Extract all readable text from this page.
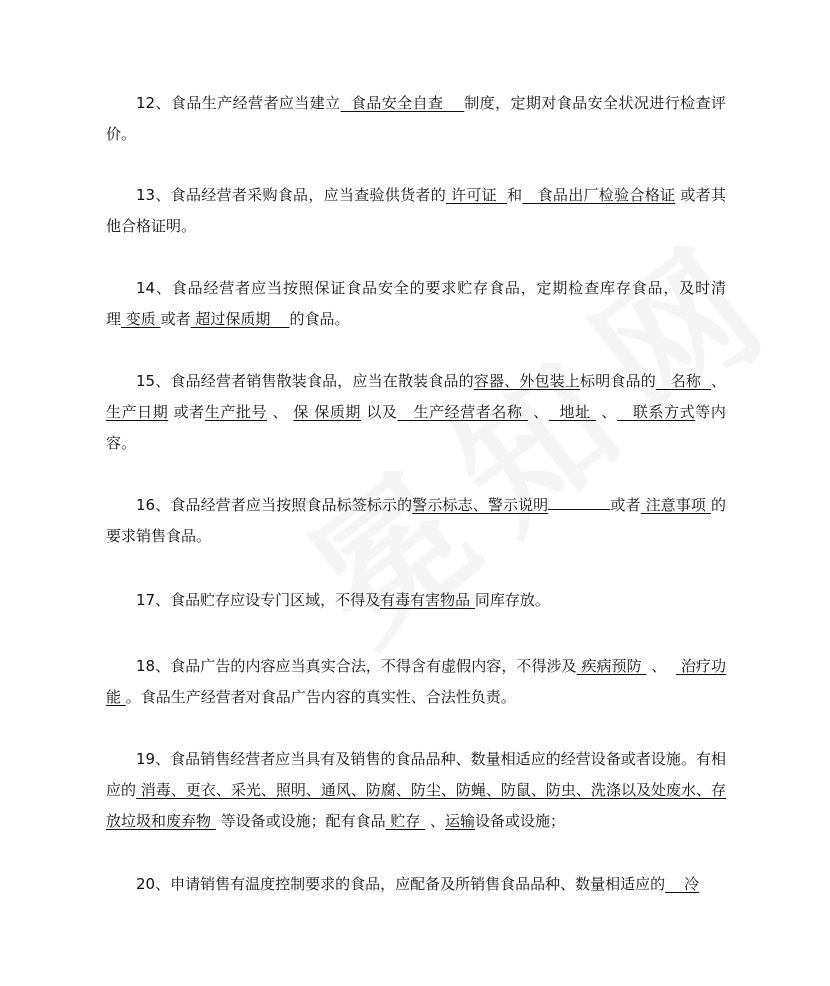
12、食品生产经营者应当建立 食品安全自查 制度，定期对食品安全状况进行检查评价。

13、食品经营者采购食品，应当查验供货者的 许可证 和 食品出厂检验合格证 或者其他合格证明。

14、食品经营者应当按照保证食品安全的要求贮存食品，定期检查库存食品，及时清理 变质 或者 超过保质期 的食品。

15、食品经营者销售散装食品，应当在散装食品的容器、外包装上标明食品的 名称 、生产日期 或者生产批号 、 保 保质期 以及 生产经营者名称 、 地址 、 联系方式等内容。

16、食品经营者应当按照食品标签标示的警示标志、警示说明	或者 注意事项 的要求销售食品。

17、食品贮存应设专门区域，不得及有毒有害物品 同库存放。

18、食品广告的内容应当真实合法，不得含有虚假内容，不得涉及 疾病预防 、 治疗功能 。食品生产经营者对食品广告内容的真实性、合法性负责。

19、食品销售经营者应当具有及销售的食品品种、数量相适应的经营设备或者设施。有相应的 消毒、更衣、采光、照明、通风、防腐、防尘、防蝇、防鼠、防虫、洗涤以及处废水、存放垃圾和废弃物 等设备或设施；配有食品 贮存 、运输设备或设施；

20、申请销售有温度控制要求的食品，应配备及所销售食品品种、数量相适应的 冷
